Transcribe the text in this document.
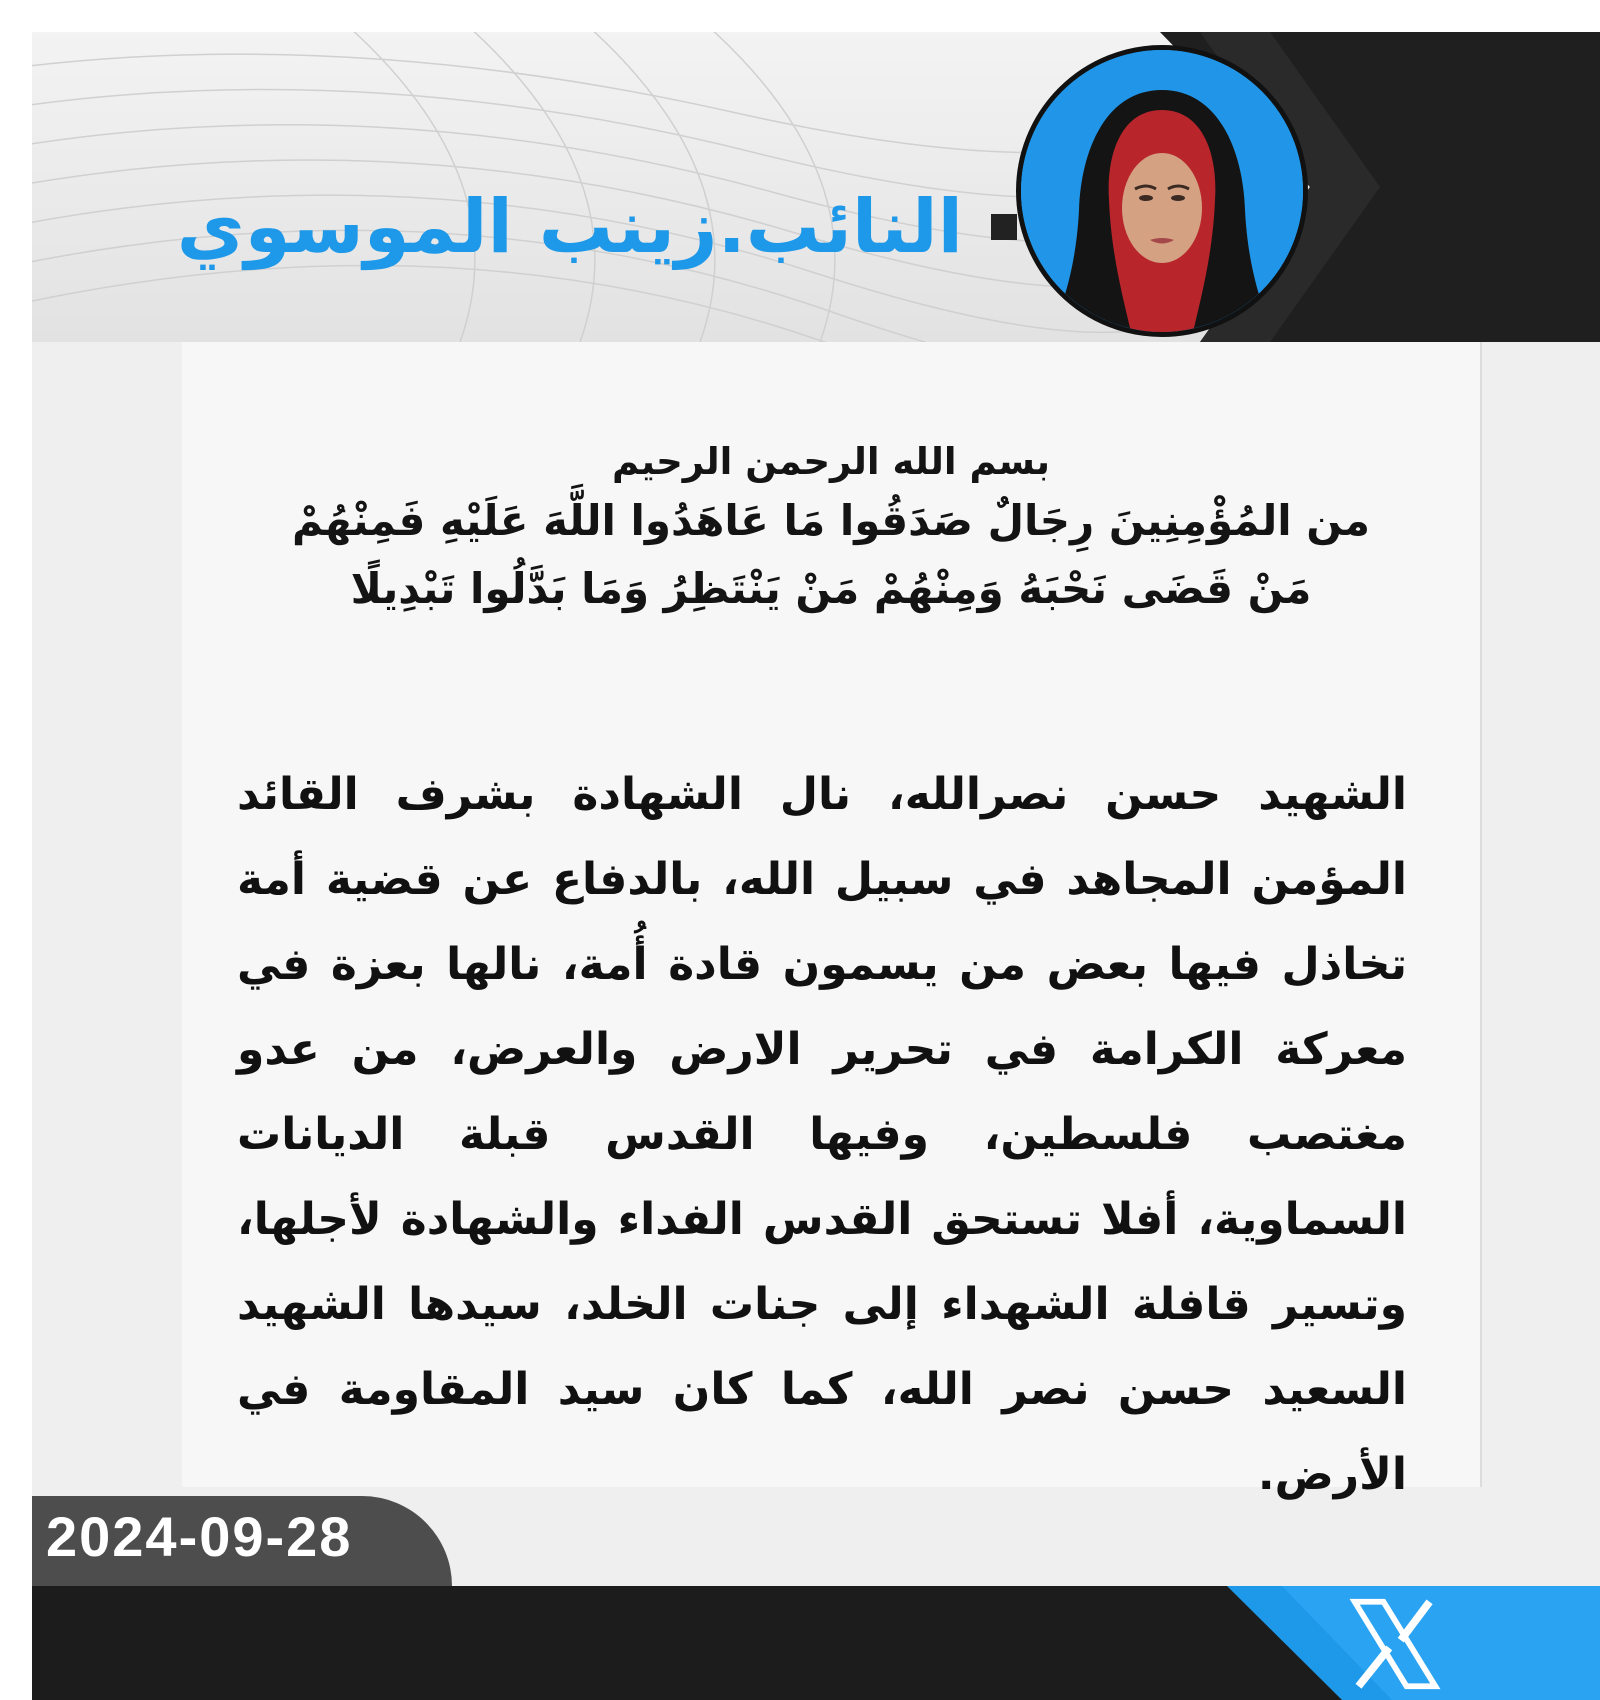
النائب.زينب الموسوي
بسم الله الرحمن الرحيم
من المُؤْمِنِينَ رِجَالٌ صَدَقُوا مَا عَاهَدُوا اللَّهَ عَلَيْهِ فَمِنْهُمْ
مَنْ قَضَى نَحْبَهُ وَمِنْهُمْ مَنْ يَنْتَظِرُ وَمَا بَدَّلُوا تَبْدِيلًا
الشهيد حسن نصرالله، نال الشهادة بشرف القائد المؤمن المجاهد في سبيل الله، بالدفاع عن قضية أمة تخاذل فيها بعض من يسمون قادة أُمة، نالها بعزة في معركة الكرامة في تحرير الارض والعرض، من عدو مغتصب فلسطين، وفيها القدس قبلة الديانات السماوية، أفلا تستحق القدس الفداء والشهادة لأجلها، وتسير قافلة الشهداء إلى جنات الخلد، سيدها الشهيد السعيد حسن نصر الله، كما كان سيد المقاومة في الأرض.
2024-09-28
